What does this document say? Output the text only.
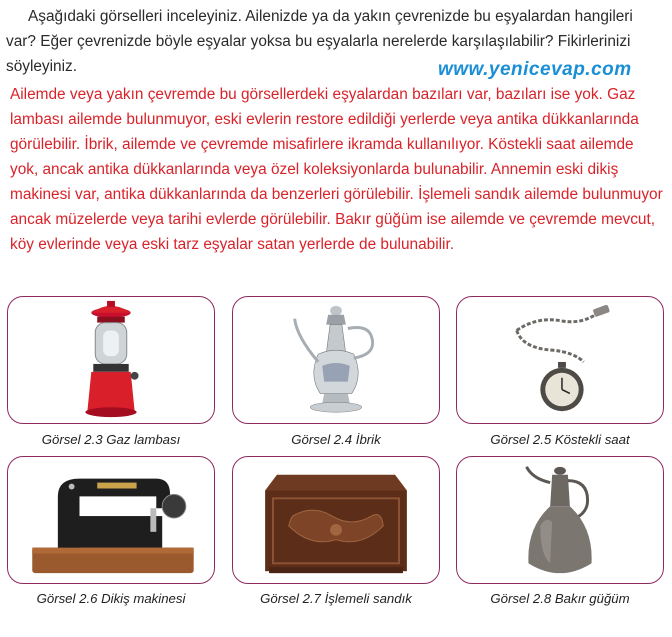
Aşağıdaki görselleri inceleyiniz. Ailenizde ya da yakın çevrenizde bu eşyalardan hangileri var? Eğer çevrenizde böyle eşyalar yoksa bu eşyalarla nerelerde karşılaşılabilir? Fikirlerinizi söyleyiniz.	www.yenicevap.com

Ailemde veya yakın çevremde bu görsellerdeki eşyalardan bazıları var, bazıları ise yok. Gaz lambası ailemde bulunmuyor, eski evlerin restore edildiği yerlerde veya antika dükkanlarında görülebilir. İbrik, ailemde ve çevremde misafirlere ikramda kullanılıyor. Köstekli saat ailemde yok, ancak antika dükkanlarında veya özel koleksiyonlarda bulunabilir. Annemin eski dikiş makinesi var, antika dükkanlarında da benzerleri görülebilir. İşlemeli sandık ailemde bulunmuyor ancak müzelerde veya tarihi evlerde görülebilir. Bakır güğüm ise ailemde ve çevremde mevcut, köy evlerinde veya eski tarz eşyalar satan yerlerde de bulunabilir.

Görsel 2.3 Gaz lambası	Görsel 2.4 İbrik	Görsel 2.5 Köstekli saat

Görsel 2.6 Dikiş makinesi	Görsel 2.7 İşlemeli sandık	Görsel 2.8 Bakır güğüm
